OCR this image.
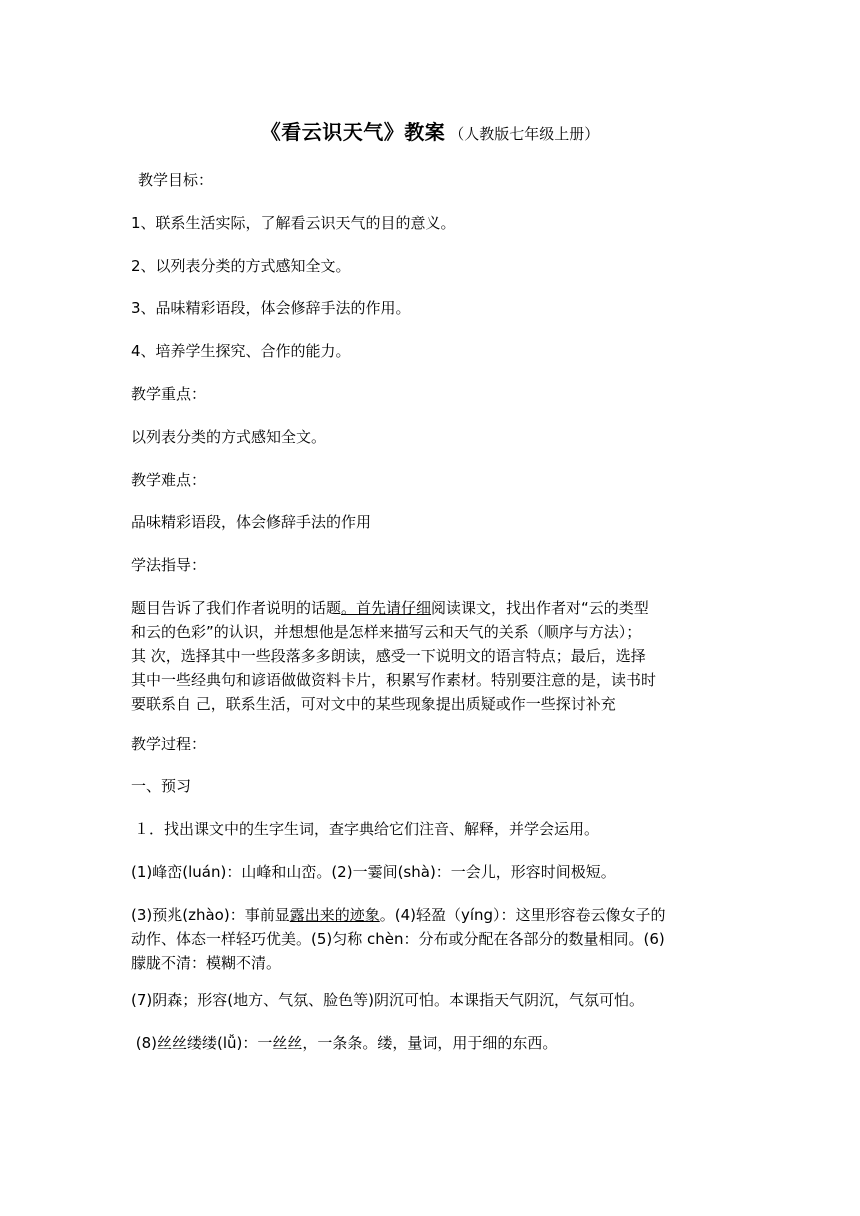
《看云识天气》教案 （人教版七年级上册）
教学目标：
1、联系生活实际，了解看云识天气的目的意义。
2、以列表分类的方式感知全文。
3、品味精彩语段，体会修辞手法的作用。
4、培养学生探究、合作的能力。
教学重点：
以列表分类的方式感知全文。
教学难点：
品味精彩语段，体会修辞手法的作用
学法指导：
题目告诉了我们作者说明的话题。首先请仔细阅读课文，找出作者对“云的类型
和云的色彩”的认识，并想想他是怎样来描写云和天气的关系（顺序与方法）；
其 次，选择其中一些段落多多朗读，感受一下说明文的语言特点；最后，选择
其中一些经典句和谚语做做资料卡片，积累写作素材。特别要注意的是，读书时
要联系自 己，联系生活，可对文中的某些现象提出质疑或作一些探讨补充
教学过程：
一、预习
１．找出课文中的生字生词，查字典给它们注音、解释，并学会运用。
(1)峰峦(luán)：山峰和山峦。(2)一霎间(shà)：一会儿，形容时间极短。
(3)预兆(zhào)：事前显露出来的迹象。(4)轻盈（yíng）：这里形容卷云像女子的
动作、体态一样轻巧优美。(5)匀称 chèn：分布或分配在各部分的数量相同。(6)
朦胧不清：模糊不清。
(7)阴森；形容(地方、气氛、脸色等)阴沉可怕。本课指天气阴沉，气氛可怕。
(8)丝丝缕缕(lǚ)：一丝丝，一条条。缕，量词，用于细的东西。
